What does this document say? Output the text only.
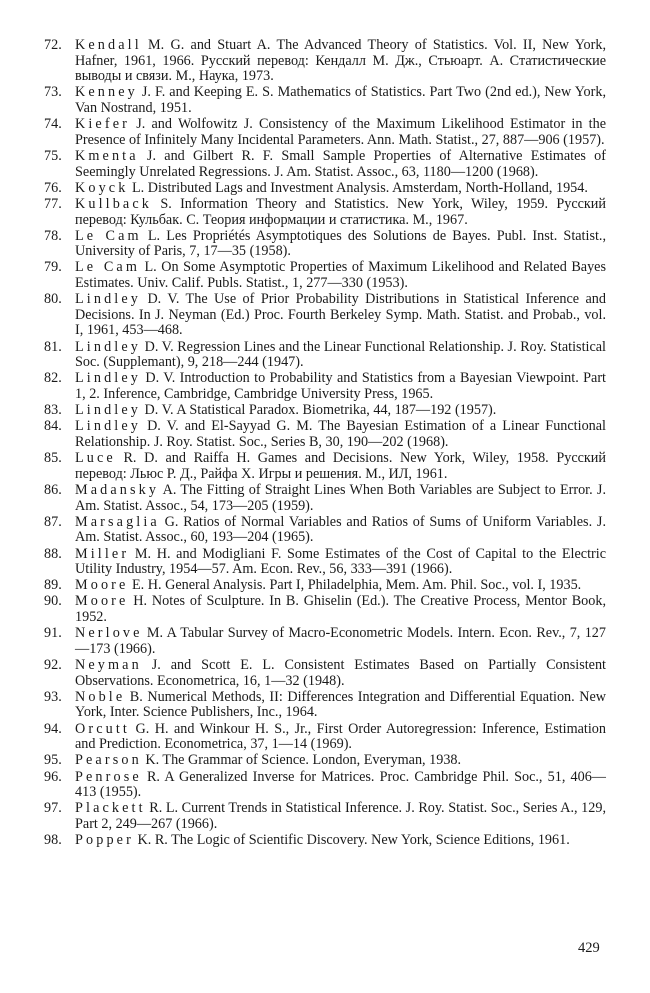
72. Kendall M. G. and Stuart A. The Advanced Theory of Statistics. Vol. II, New York, Hafner, 1961, 1966. Русский перевод: Кендалл М. Дж., Стьюарт. А. Статистические выводы и связи. М., Наука, 1973.
73. Kenney J. F. and Keeping E. S. Mathematics of Statistics. Part Two (2nd ed.), New York, Van Nostrand, 1951.
74. Kiefer J. and Wolfowitz J. Consistency of the Maximum Likelihood Estimator in the Presence of Infinitely Many Incidental Parameters. Ann. Math. Statist., 27, 887—906 (1957).
75. Kmenta J. and Gilbert R. F. Small Sample Properties of Alternative Estimates of Seemingly Unrelated Regressions. J. Am. Statist. Assoc., 63, 1180—1200 (1968).
76. Koyck L. Distributed Lags and Investment Analysis. Amsterdam, North-Holland, 1954.
77. Kullback S. Information Theory and Statistics. New York, Wiley, 1959. Русский перевод: Кульбак. С. Теория информации и статистика. М., 1967.
78. Le Cam L. Les Propriétés Asymptotiques des Solutions de Bayes. Publ. Inst. Statist., University of Paris, 7, 17—35 (1958).
79. Le Cam L. On Some Asymptotic Properties of Maximum Likelihood and Related Bayes Estimates. Univ. Calif. Publs. Statist., 1, 277—330 (1953).
80. Lindley D. V. The Use of Prior Probability Distributions in Statistical Inference and Decisions. In J. Neyman (Ed.) Proc. Fourth Berkeley Symp. Math. Statist. and Probab., vol. I, 1961, 453—468.
81. Lindley D. V. Regression Lines and the Linear Functional Relationship. J. Roy. Statistical Soc. (Supplemant), 9, 218—244 (1947).
82. Lindley D. V. Introduction to Probability and Statistics from a Bayesian Viewpoint. Part 1, 2. Inference, Cambridge, Cambridge University Press, 1965.
83. Lindley D. V. A Statistical Paradox. Biometrika, 44, 187—192 (1957).
84. Lindley D. V. and El-Sayyad G. M. The Bayesian Estimation of a Linear Functional Relationship. J. Roy. Statist. Soc., Series B, 30, 190—202 (1968).
85. Luce R. D. and Raiffa H. Games and Decisions. New York, Wiley, 1958. Русский перевод: Льюс Р. Д., Райфа X. Игры и решения. М., ИЛ, 1961.
86. Madansky A. The Fitting of Straight Lines When Both Variables are Subject to Error. J. Am. Statist. Assoc., 54, 173—205 (1959).
87. Marsaglia G. Ratios of Normal Variables and Ratios of Sums of Uniform Variables. J. Am. Statist. Assoc., 60, 193—204 (1965).
88. Miller M. H. and Modigliani F. Some Estimates of the Cost of Capital to the Electric Utility Industry, 1954—57. Am. Econ. Rev., 56, 333—391 (1966).
89. Moore E. H. General Analysis. Part I, Philadelphia, Mem. Am. Phil. Soc., vol. I, 1935.
90. Moore H. Notes of Sculpture. In B. Ghiselin (Ed.). The Creative Process, Mentor Book, 1952.
91. Nerlove M. A Tabular Survey of Macro-Econometric Models. Intern. Econ. Rev., 7, 127—173 (1966).
92. Neyman J. and Scott E. L. Consistent Estimates Based on Partially Consistent Observations. Econometrica, 16, 1—32 (1948).
93. Noble B. Numerical Methods, II: Differences Integration and Differential Equation. New York, Inter. Science Publishers, Inc., 1964.
94. Orcutt G. H. and Winkour H. S., Jr., First Order Autoregression: Inference, Estimation and Prediction. Econometrica, 37, 1—14 (1969).
95. Pearson K. The Grammar of Science. London, Everyman, 1938.
96. Penrose R. A Generalized Inverse for Matrices. Proc. Cambridge Phil. Soc., 51, 406—413 (1955).
97. Plackett R. L. Current Trends in Statistical Inference. J. Roy. Statist. Soc., Series A., 129, Part 2, 249—267 (1966).
98. Popper K. R. The Logic of Scientific Discovery. New York, Science Editions, 1961.
429
